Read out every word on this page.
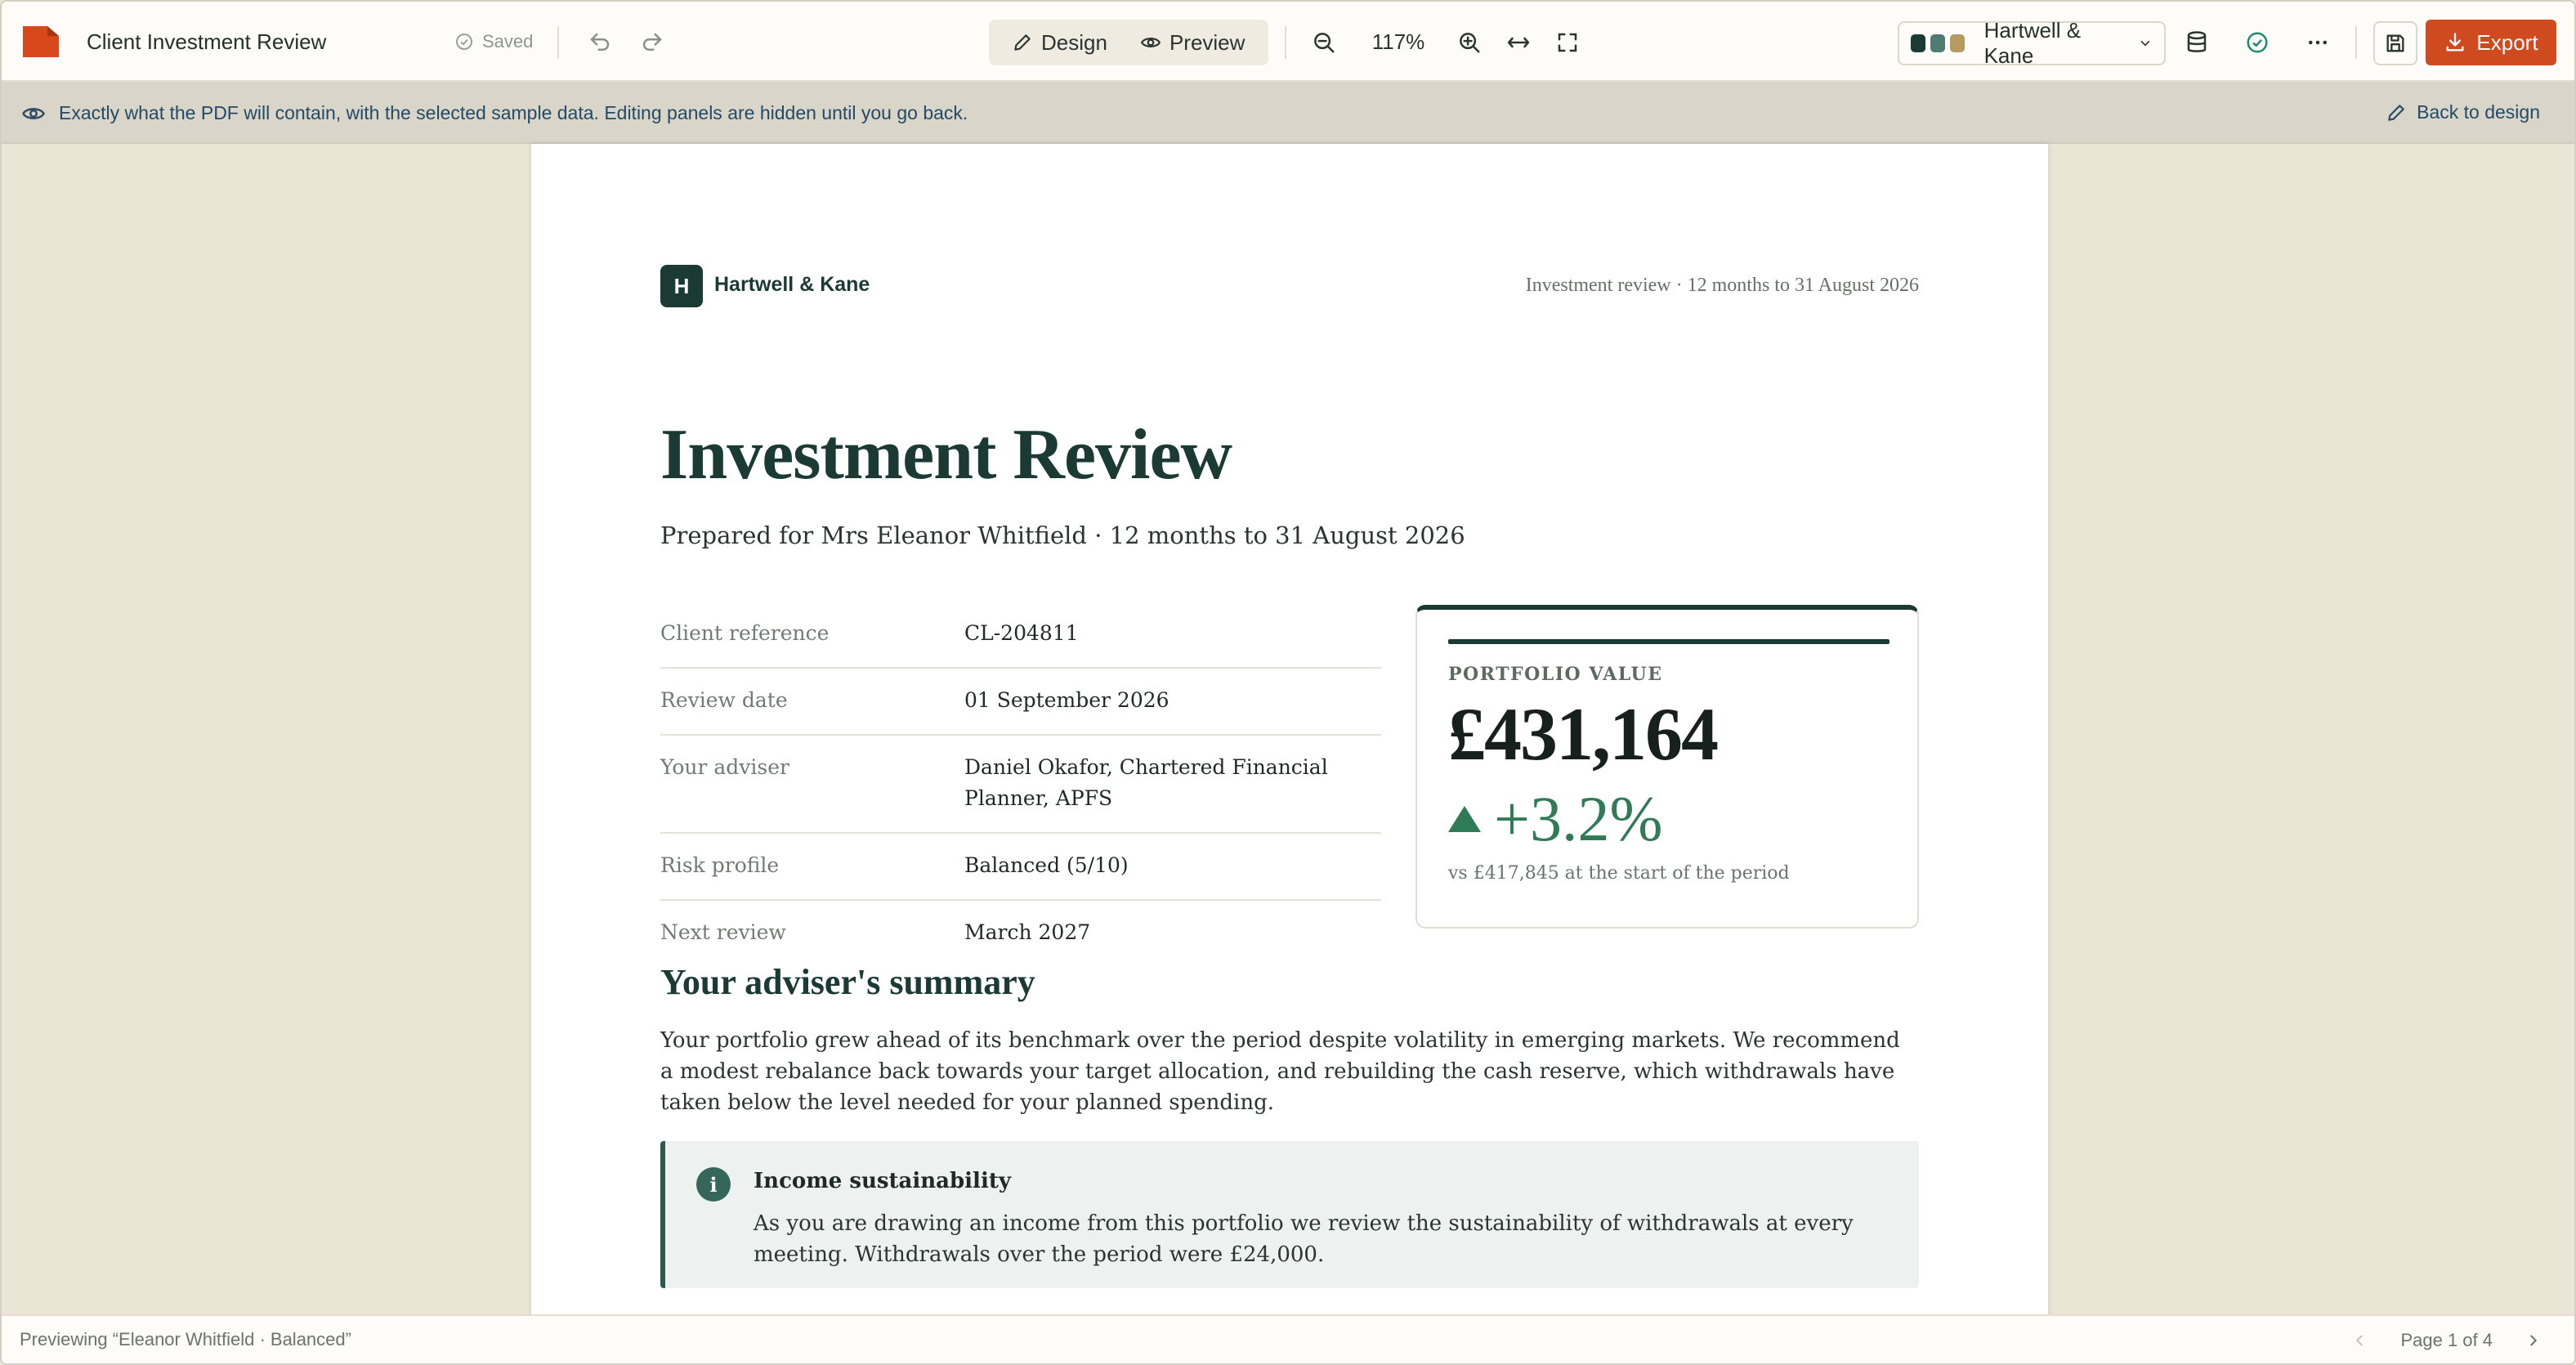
Client Investment Review	Saved	Design	Preview	117%	Hartwell & Kane
Export
Exactly what the PDF will contain, with the selected sample data. Editing panels are hidden until you go back.	Back to design
H	Hartwell & Kane	Investment review · 12 months to 31 August 2026
Investment Review
Prepared for Mrs Eleanor Whitfield · 12 months to 31 August 2026
Client reference	CL-204811
Review date	01 September 2026
Your adviser	Daniel Okafor, Chartered Financial Planner, APFS
Risk profile	Balanced (5/10)
Next review	March 2027
PORTFOLIO VALUE
£431,164
+3.2%
vs £417,845 at the start of the period
Your adviser's summary
Your portfolio grew ahead of its benchmark over the period despite volatility in emerging markets. We recommend a modest rebalance back towards your target allocation, and rebuilding the cash reserve, which withdrawals have taken below the level needed for your planned spending.
i	Income sustainability
As you are drawing an income from this portfolio we review the sustainability of withdrawals at every meeting. Withdrawals over the period were £24,000.
Previewing “Eleanor Whitfield · Balanced”	Page 1 of 4
